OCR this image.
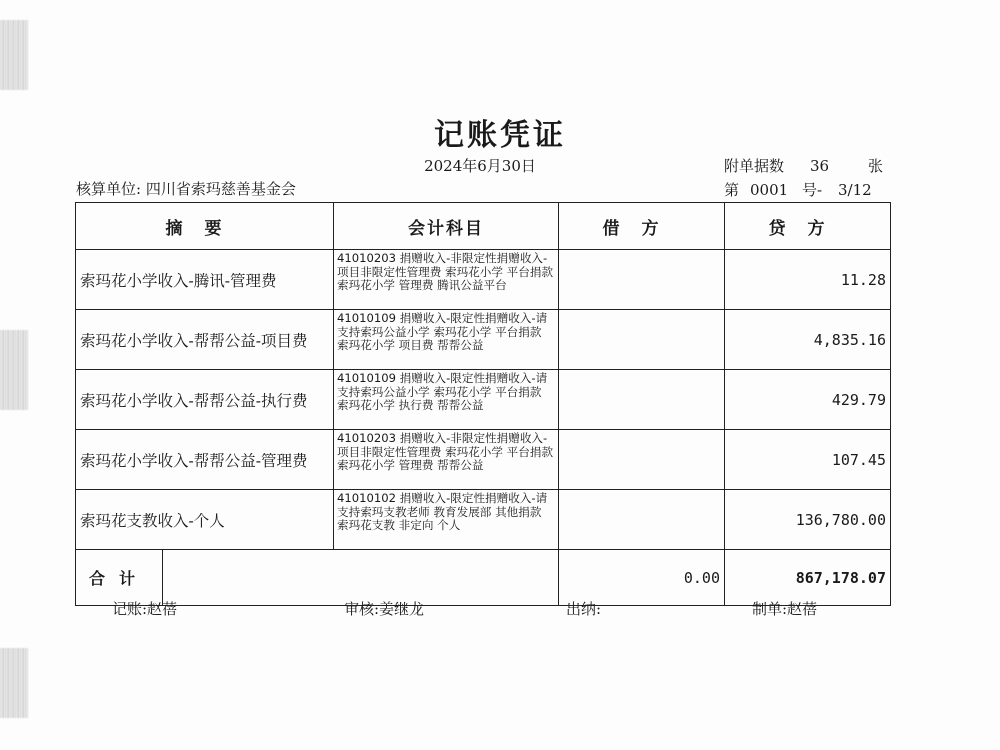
记账凭证
2024年6月30日	附单据数 36	张
核算单位: 四川省索玛慈善基金会	第 0001 号- 3/12
摘要	会计科目	借方	贷方
索玛花小学收入-腾讯-管理费	41010203 捐赠收入-非限定性捐赠收入-项目非限定性管理费 索玛花小学 平台捐款 索玛花小学 管理费 腾讯公益平台		11.28
索玛花小学收入-帮帮公益-项目费	41010109 捐赠收入-限定性捐赠收入-请支持索玛公益小学 索玛花小学 平台捐款 索玛花小学 项目费 帮帮公益		4,835.16
索玛花小学收入-帮帮公益-执行费	41010109 捐赠收入-限定性捐赠收入-请支持索玛公益小学 索玛花小学 平台捐款 索玛花小学 执行费 帮帮公益		429.79
索玛花小学收入-帮帮公益-管理费	41010203 捐赠收入-非限定性捐赠收入-项目非限定性管理费 索玛花小学 平台捐款 索玛花小学 管理费 帮帮公益		107.45
索玛花支教收入-个人	41010102 捐赠收入-限定性捐赠收入-请支持索玛支教老师 教育发展部 其他捐款 索玛花支教 非定向 个人		136,780.00

合计		0.00	867,178.07
记账:赵蓓	审核:姜继龙	出纳:	制单:赵蓓
